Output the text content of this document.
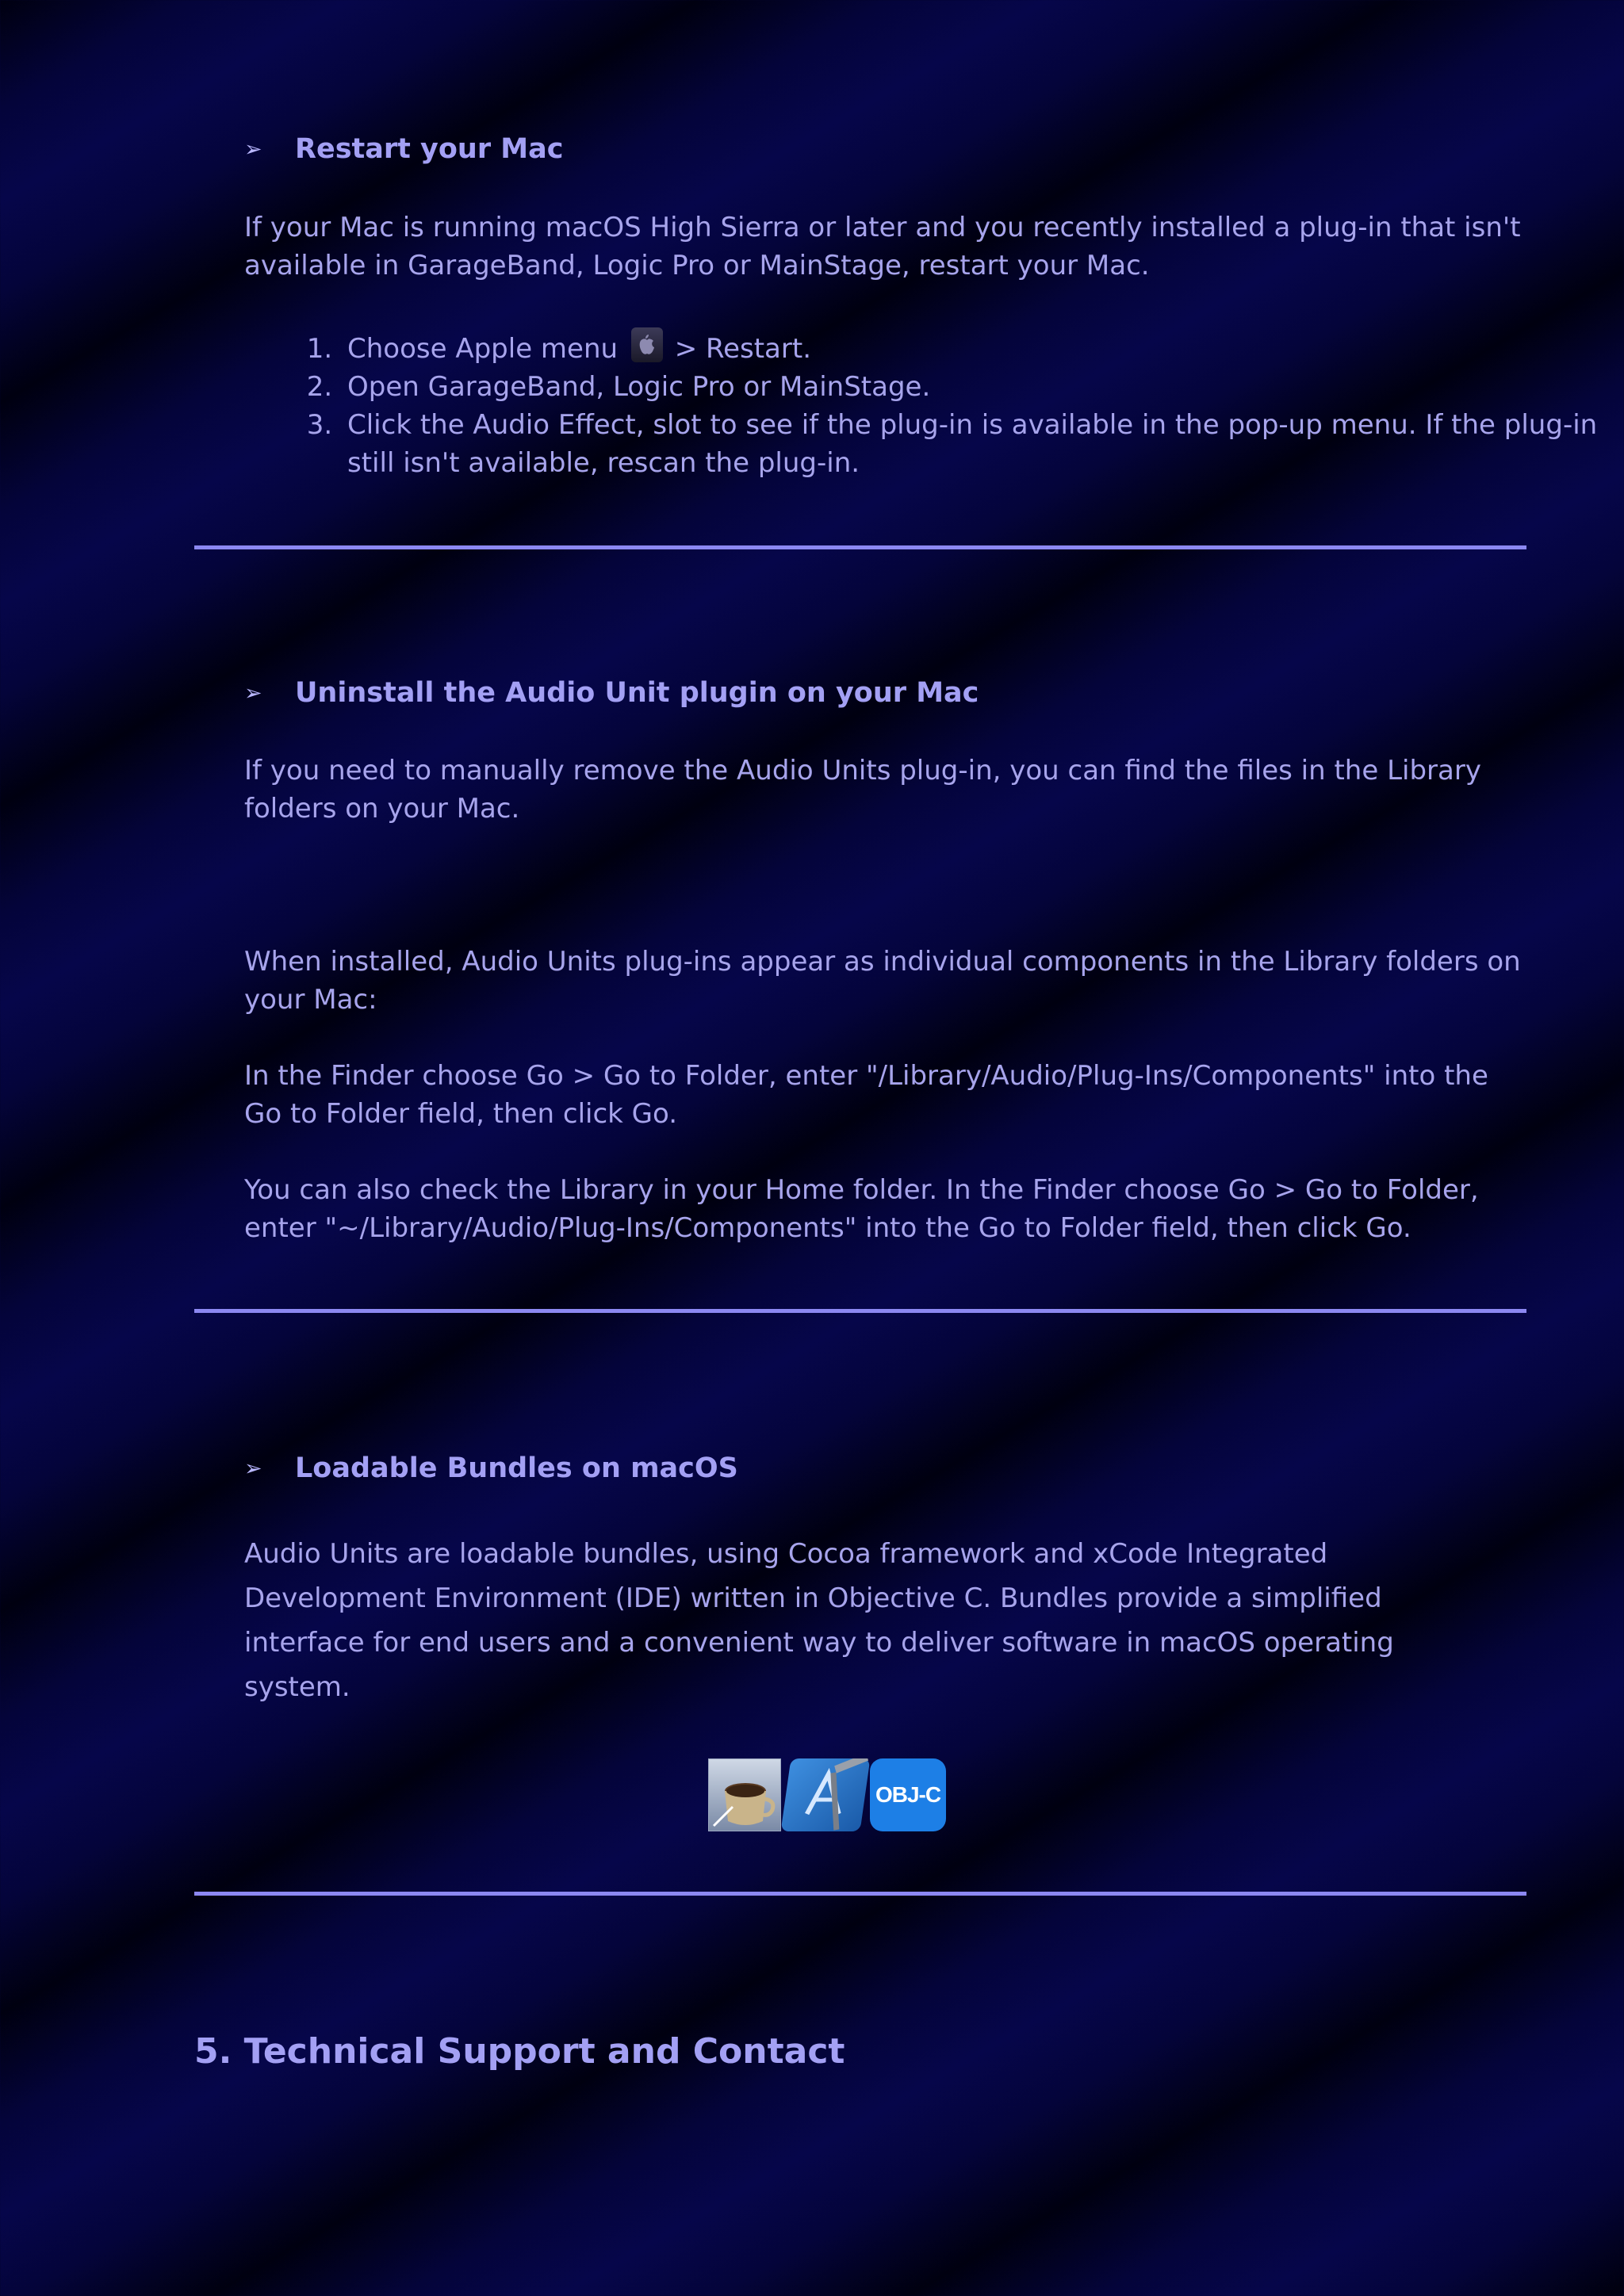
➢	Restart your Mac
If your Mac is running macOS High Sierra or later and you recently installed a plug-in that isn't available in GarageBand, Logic Pro or MainStage, restart your Mac.
1. Choose Apple menu
> Restart.
2. Open GarageBand, Logic Pro or MainStage.
3. Click the Audio Effect, slot to see if the plug-in is available in the pop-up menu. If the plug-in still isn't available, rescan the plug-in.
➢	Uninstall the Audio Unit plugin on your Mac
If you need to manually remove the Audio Units plug-in, you can find the files in the Library folders on your Mac.
When installed, Audio Units plug-ins appear as individual components in the Library folders on your Mac:
In the Finder choose Go > Go to Folder, enter "/Library/Audio/Plug-Ins/Components" into the Go to Folder field, then click Go.
You can also check the Library in your Home folder. In the Finder choose Go > Go to Folder, enter "~/Library/Audio/Plug-Ins/Components" into the Go to Folder field, then click Go.
➢	Loadable Bundles on macOS
Audio Units are loadable bundles, using Cocoa framework and xCode Integrated Development Environment (IDE) written in Objective C. Bundles provide a simplified interface for end users and a convenient way to deliver software in macOS operating system.
OBJ-C
5. Technical Support and Contact
